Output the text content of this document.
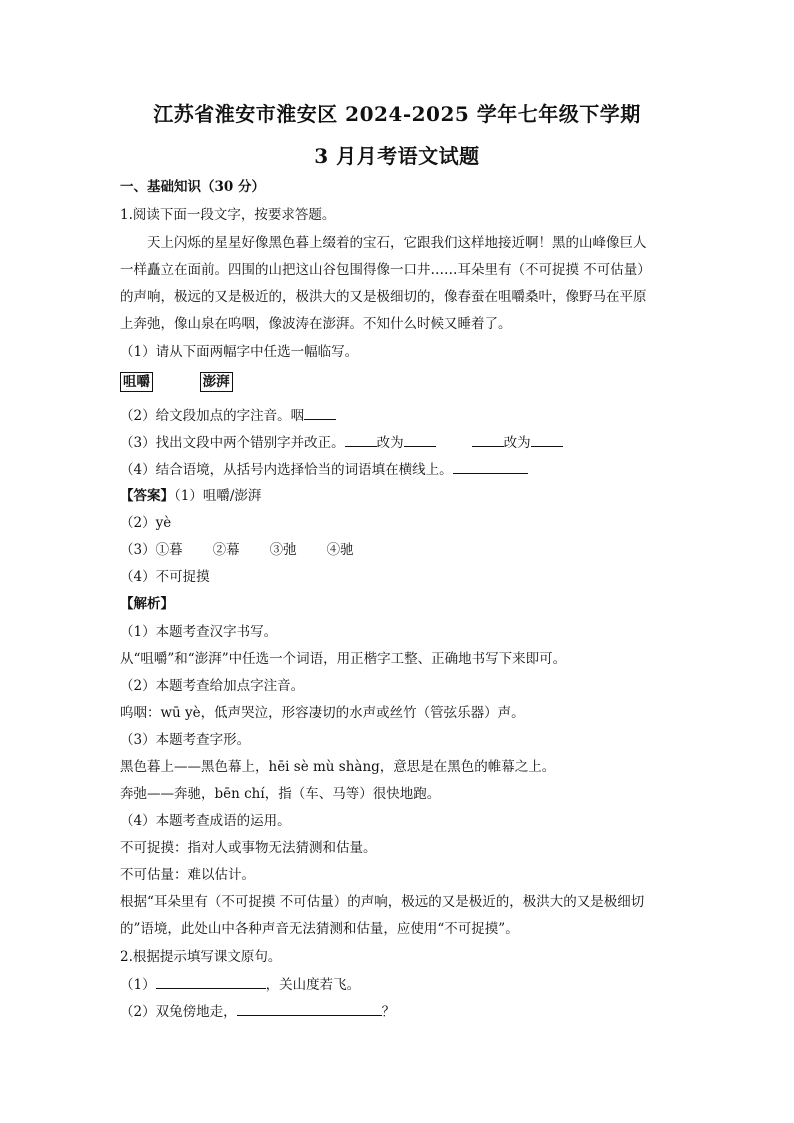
江苏省淮安市淮安区 2024-2025 学年七年级下学期
3 月月考语文试题
一、基础知识（30 分）
1.阅读下面一段文字，按要求答题。
天上闪烁的星星好像黑色暮上缀着的宝石，它跟我们这样地接近啊！黑的山峰像巨人
一样矗立在面前。四围的山把这山谷包围得像一口井……耳朵里有（不可捉摸 不可估量）
的声响，极远的又是极近的，极洪大的又是极细切的，像春蚕在咀嚼桑叶，像野马在平原
上奔弛，像山泉在呜咽，像波涛在澎湃。不知什么时候又睡着了。
（1）请从下面两幅字中任选一幅临写。
咀嚼	澎湃
（2）给文段加点的字注音。咽
（3）找出文段中两个错别字并改正。 改为	改为
（4）结合语境，从括号内选择恰当的词语填在横线上。
【答案】（1）咀嚼/澎湃
（2）yè
（3）①暮 ②幕 ③弛 ④驰
（4）不可捉摸
【解析】
（1）本题考查汉字书写。
从“咀嚼”和“澎湃”中任选一个词语，用正楷字工整、正确地书写下来即可。
（2）本题考查给加点字注音。
呜咽：wū yè，低声哭泣，形容凄切的水声或丝竹（管弦乐器）声。
（3）本题考查字形。
黑色暮上——黑色幕上，hēi sè mù shàng，意思是在黑色的帷幕之上。
奔弛——奔驰，bēn chí，指（车、马等）很快地跑。
（4）本题考查成语的运用。
不可捉摸：指对人或事物无法猜测和估量。
不可估量：难以估计。
根据“耳朵里有（不可捉摸 不可估量）的声响，极远的又是极近的，极洪大的又是极细切
的”语境，此处山中各种声音无法猜测和估量，应使用“不可捉摸”。
2.根据提示填写课文原句。
（1）	，关山度若飞。
（2）双兔傍地走，	？
